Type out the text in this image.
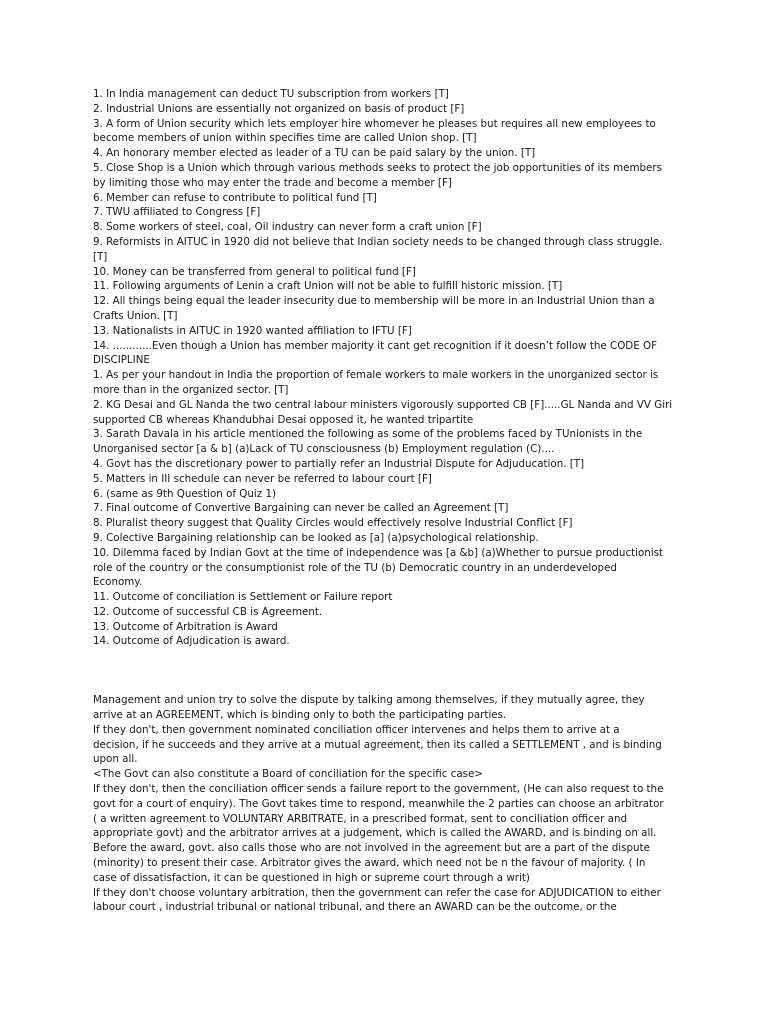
1. In India management can deduct TU subscription from workers [T]
2. Industrial Unions are essentially not organized on basis of product [F]
3. A form of Union security which lets employer hire whomever he pleases but requires all new employees to
become members of union within specifies time are called Union shop. [T]
4. An honorary member elected as leader of a TU can be paid salary by the union. [T]
5. Close Shop is a Union which through various methods seeks to protect the job opportunities of its members
by limiting those who may enter the trade and become a member [F]
6. Member can refuse to contribute to political fund [T]
7. TWU affiliated to Congress [F]
8. Some workers of steel, coal, Oil industry can never form a craft union [F]
9. Reformists in AITUC in 1920 did not believe that Indian society needs to be changed through class struggle.
[T]
10. Money can be transferred from general to political fund [F]
11. Following arguments of Lenin a craft Union will not be able to fulfill historic mission. [T]
12. All things being equal the leader insecurity due to membership will be more in an Industrial Union than a
Crafts Union. [T]
13. Nationalists in AITUC in 1920 wanted affiliation to IFTU [F]
14. ............Even though a Union has member majority it cant get recognition if it doesn’t follow the CODE OF
DISCIPLINE
1. As per your handout in India the proportion of female workers to male workers in the unorganized sector is
more than in the organized sector. [T]
2. KG Desai and GL Nanda the two central labour ministers vigorously supported CB [F].....GL Nanda and VV Giri
supported CB whereas Khandubhai Desai opposed it, he wanted tripartite
3. Sarath Davala in his article mentioned the following as some of the problems faced by TUnionists in the
Unorganised sector [a & b] (a)Lack of TU consciousness (b) Employment regulation (C)....
4. Govt has the discretionary power to partially refer an Industrial Dispute for Adjuducation. [T]
5. Matters in III schedule can never be referred to labour court [F]
6. (same as 9th Question of Quiz 1)
7. Final outcome of Convertive Bargaining can never be called an Agreement [T]
8. Pluralist theory suggest that Quality Circles would effectively resolve Industrial Conflict [F]
9. Colective Bargaining relationship can be looked as [a] (a)psychological relationship.
10. Dilemma faced by Indian Govt at the time of independence was [a &b] (a)Whether to pursue productionist
role of the country or the consumptionist role of the TU (b) Democratic country in an underdeveloped
Economy.
11. Outcome of conciliation is Settlement or Failure report
12. Outcome of successful CB is Agreement.
13. Outcome of Arbitration is Award
14. Outcome of Adjudication is award.
Management and union try to solve the dispute by talking among themselves, if they mutually agree, they
arrive at an AGREEMENT, which is binding only to both the participating parties.
If they don't, then government nominated conciliation officer intervenes and helps them to arrive at a
decision, if he succeeds and they arrive at a mutual agreement, then its called a SETTLEMENT , and is binding
upon all.
<The Govt can also constitute a Board of conciliation for the specific case>
If they don't, then the conciliation officer sends a failure report to the government, (He can also request to the
govt for a court of enquiry). The Govt takes time to respond, meanwhile the 2 parties can choose an arbitrator
( a written agreement to VOLUNTARY ARBITRATE, in a prescribed format, sent to conciliation officer and
appropriate govt) and the arbitrator arrives at a judgement, which is called the AWARD, and is binding on all.
Before the award, govt. also calls those who are not involved in the agreement but are a part of the dispute
(minority) to present their case. Arbitrator gives the award, which need not be n the favour of majority. ( In
case of dissatisfaction, it can be questioned in high or supreme court through a writ)
If they don't choose voluntary arbitration, then the government can refer the case for ADJUDICATION to either
labour court , industrial tribunal or national tribunal, and there an AWARD can be the outcome, or the
